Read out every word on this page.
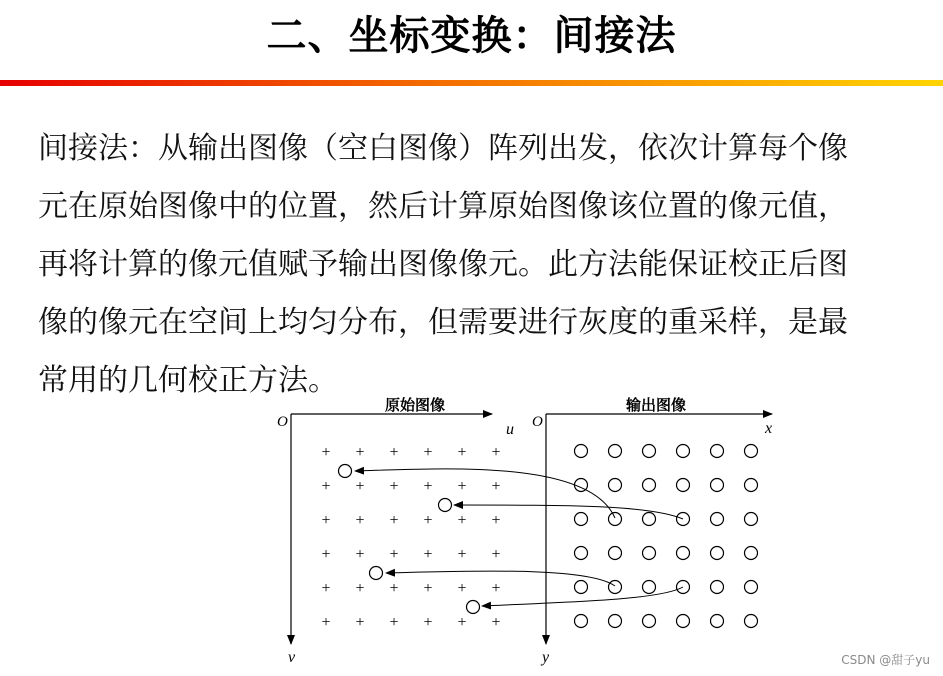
二、坐标变换：间接法
间接法：从输出图像（空白图像）阵列出发，依次计算每个像
元在原始图像中的位置，然后计算原始图像该位置的像元值，
再将计算的像元值赋予输出图像像元。此方法能保证校正后图
像的像元在空间上均匀分布，但需要进行灰度的重采样，是最
常用的几何校正方法。
O	u
v
原始图像
O	x
y
输出图像
+ + + + + +
+ + + + + +
+ + + + + +
+ + + + + +
+ + + + + +
+ + + + + +
CSDN @甜子yu
